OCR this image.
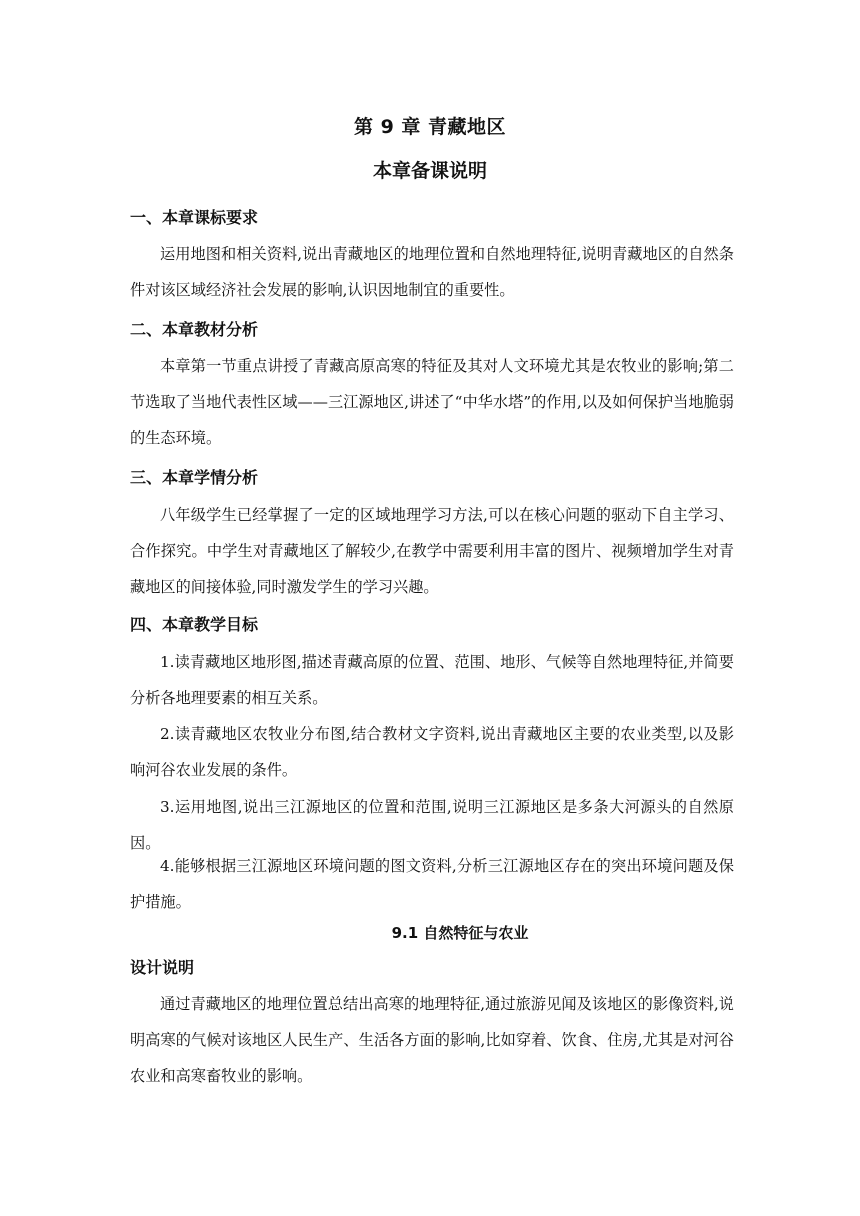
第 9 章 青藏地区
本章备课说明
一、本章课标要求
运用地图和相关资料,说出青藏地区的地理位置和自然地理特征,说明青藏地区的自然条件对该区域经济社会发展的影响,认识因地制宜的重要性。
二、本章教材分析
本章第一节重点讲授了青藏高原高寒的特征及其对人文环境尤其是农牧业的影响;第二节选取了当地代表性区域——三江源地区,讲述了“中华水塔”的作用,以及如何保护当地脆弱的生态环境。
三、本章学情分析
八年级学生已经掌握了一定的区域地理学习方法,可以在核心问题的驱动下自主学习、合作探究。中学生对青藏地区了解较少,在教学中需要利用丰富的图片、视频增加学生对青藏地区的间接体验,同时激发学生的学习兴趣。
四、本章教学目标
1.读青藏地区地形图,描述青藏高原的位置、范围、地形、气候等自然地理特征,并简要分析各地理要素的相互关系。
2.读青藏地区农牧业分布图,结合教材文字资料,说出青藏地区主要的农业类型,以及影响河谷农业发展的条件。
3.运用地图,说出三江源地区的位置和范围,说明三江源地区是多条大河源头的自然原因。
4.能够根据三江源地区环境问题的图文资料,分析三江源地区存在的突出环境问题及保护措施。
9.1 自然特征与农业
设计说明
通过青藏地区的地理位置总结出高寒的地理特征,通过旅游见闻及该地区的影像资料,说明高寒的气候对该地区人民生产、生活各方面的影响,比如穿着、饮食、住房,尤其是对河谷农业和高寒畜牧业的影响。
